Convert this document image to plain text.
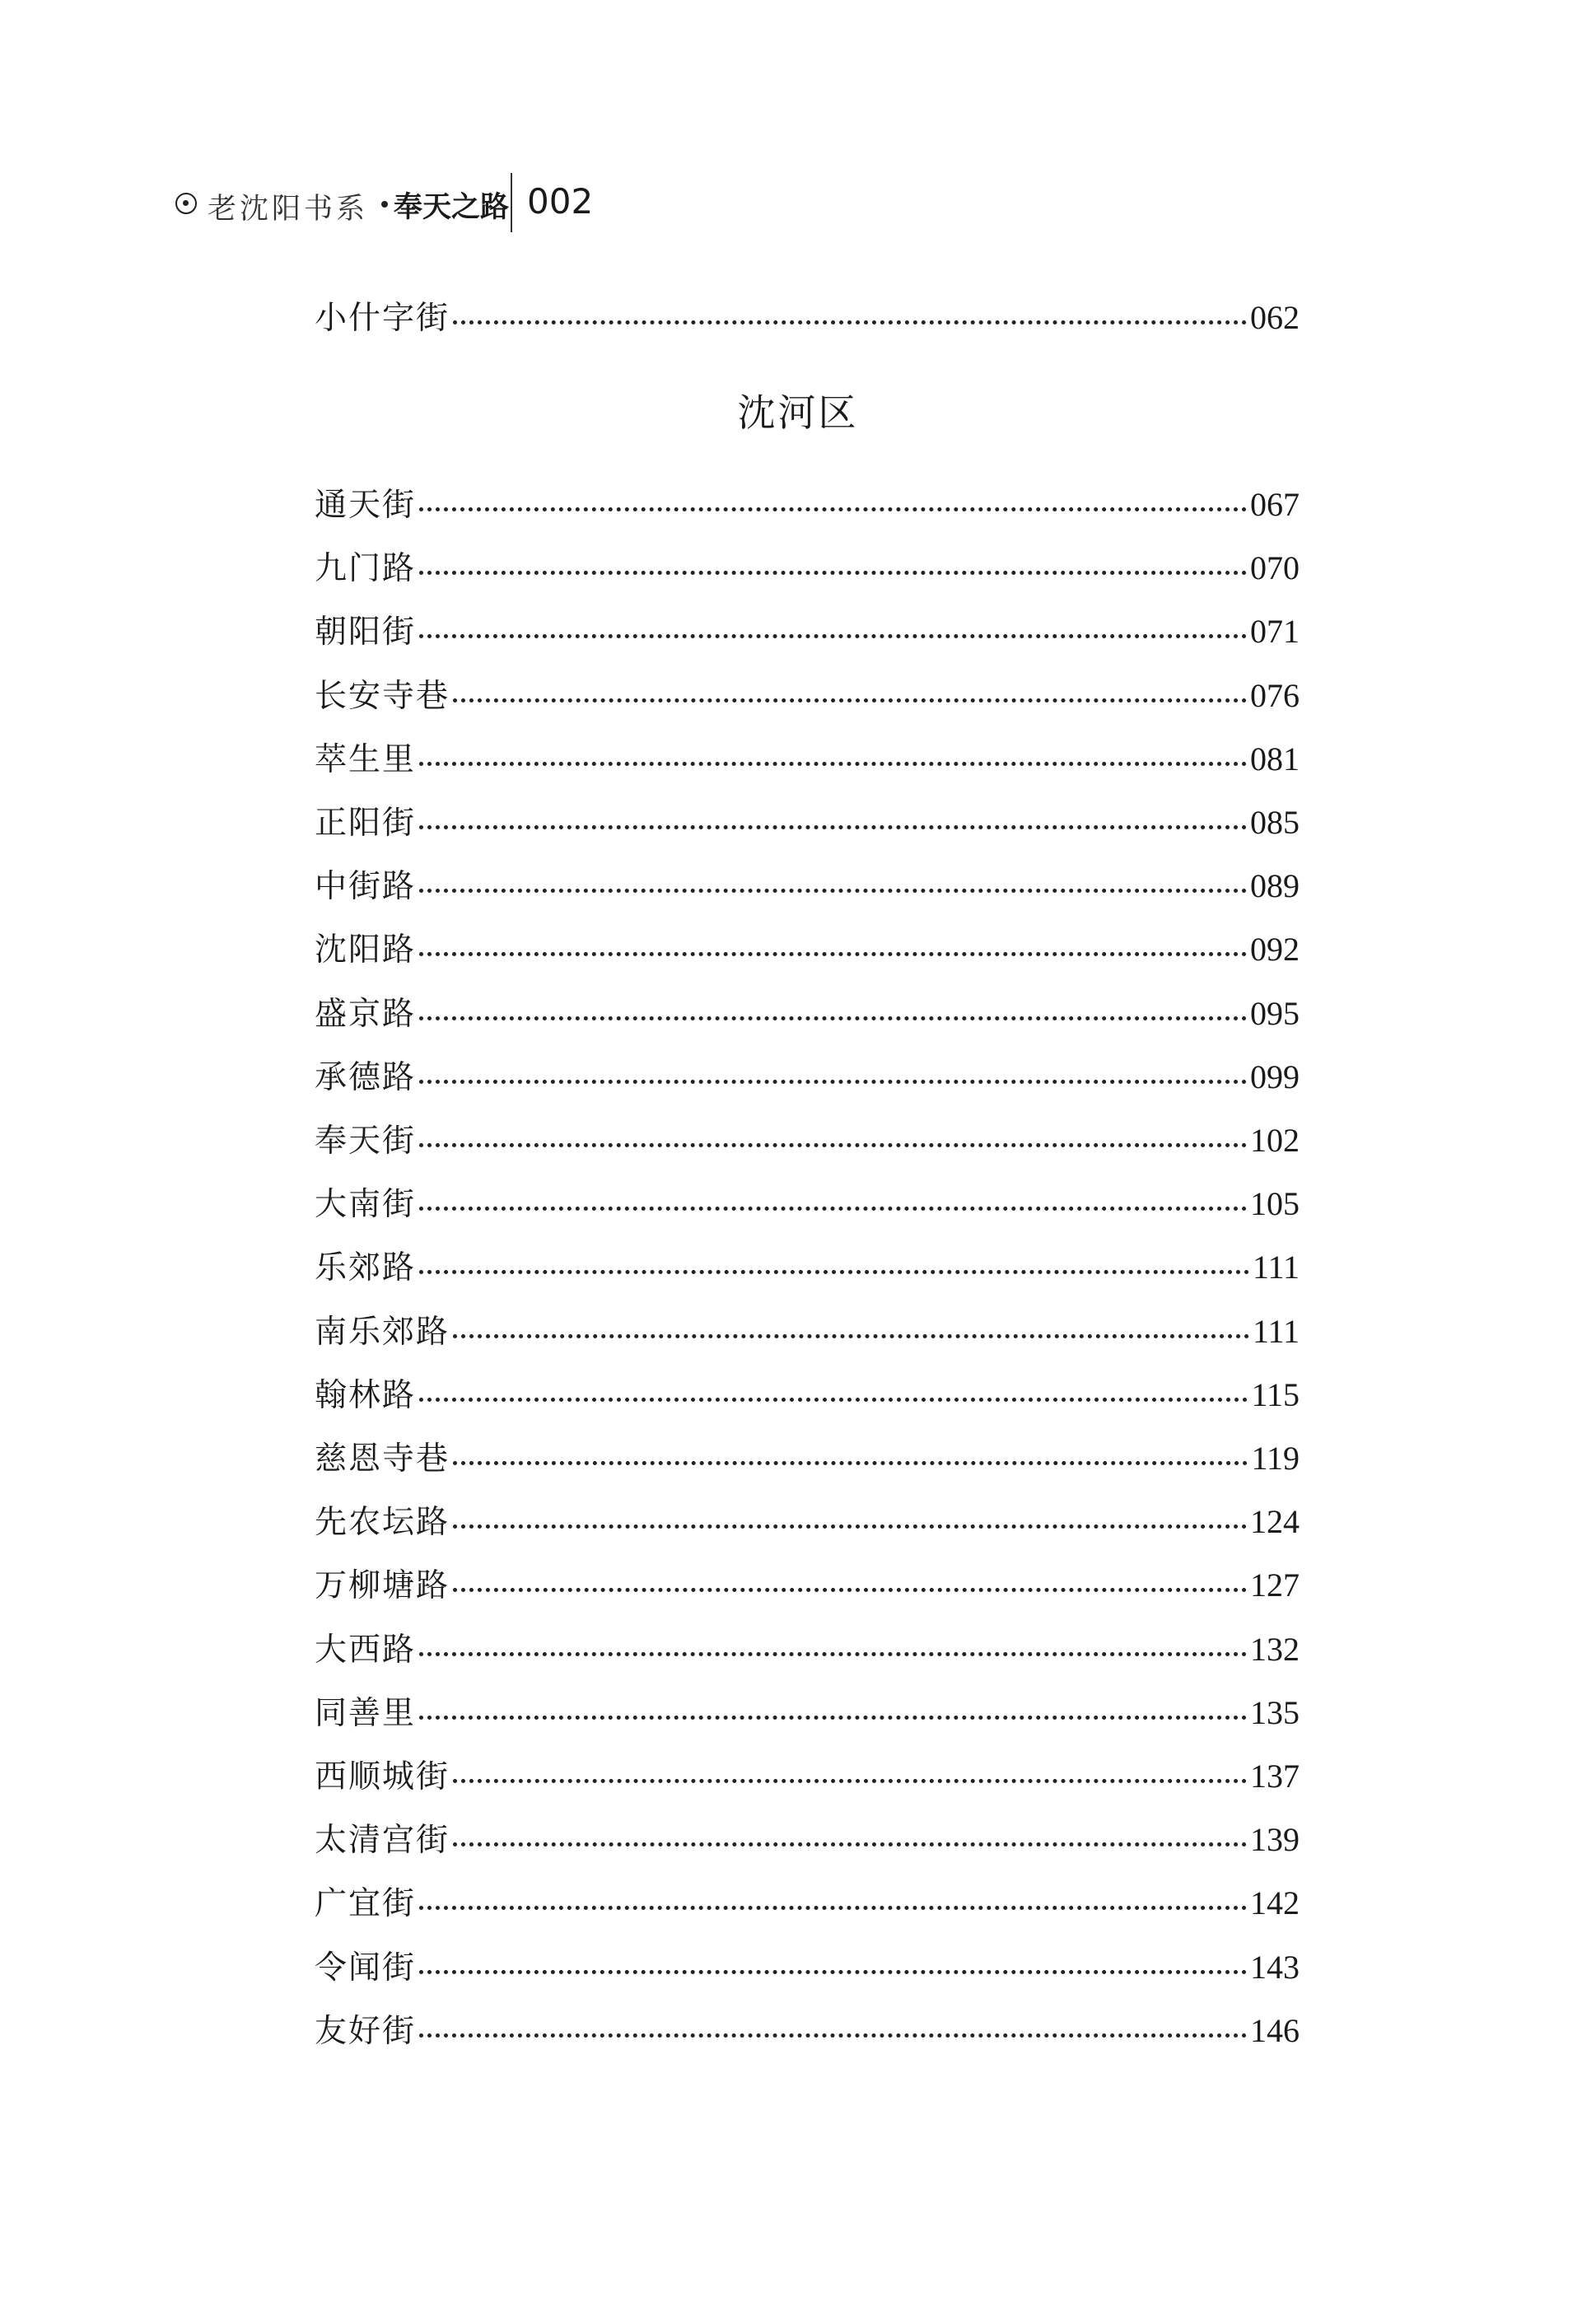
老沈阳书系 奉天之路 002
小什字街	062
沈河区
通天街	067
九门路	070
朝阳街	071
长安寺巷	076
萃生里	081
正阳街	085
中街路	089
沈阳路	092
盛京路	095
承德路	099
奉天街	102
大南街	105
乐郊路	111
南乐郊路	111
翰林路	115
慈恩寺巷	119
先农坛路	124
万柳塘路	127
大西路	132
同善里	135
西顺城街	137
太清宫街	139
广宜街	142
令闻街	143
友好街	146
